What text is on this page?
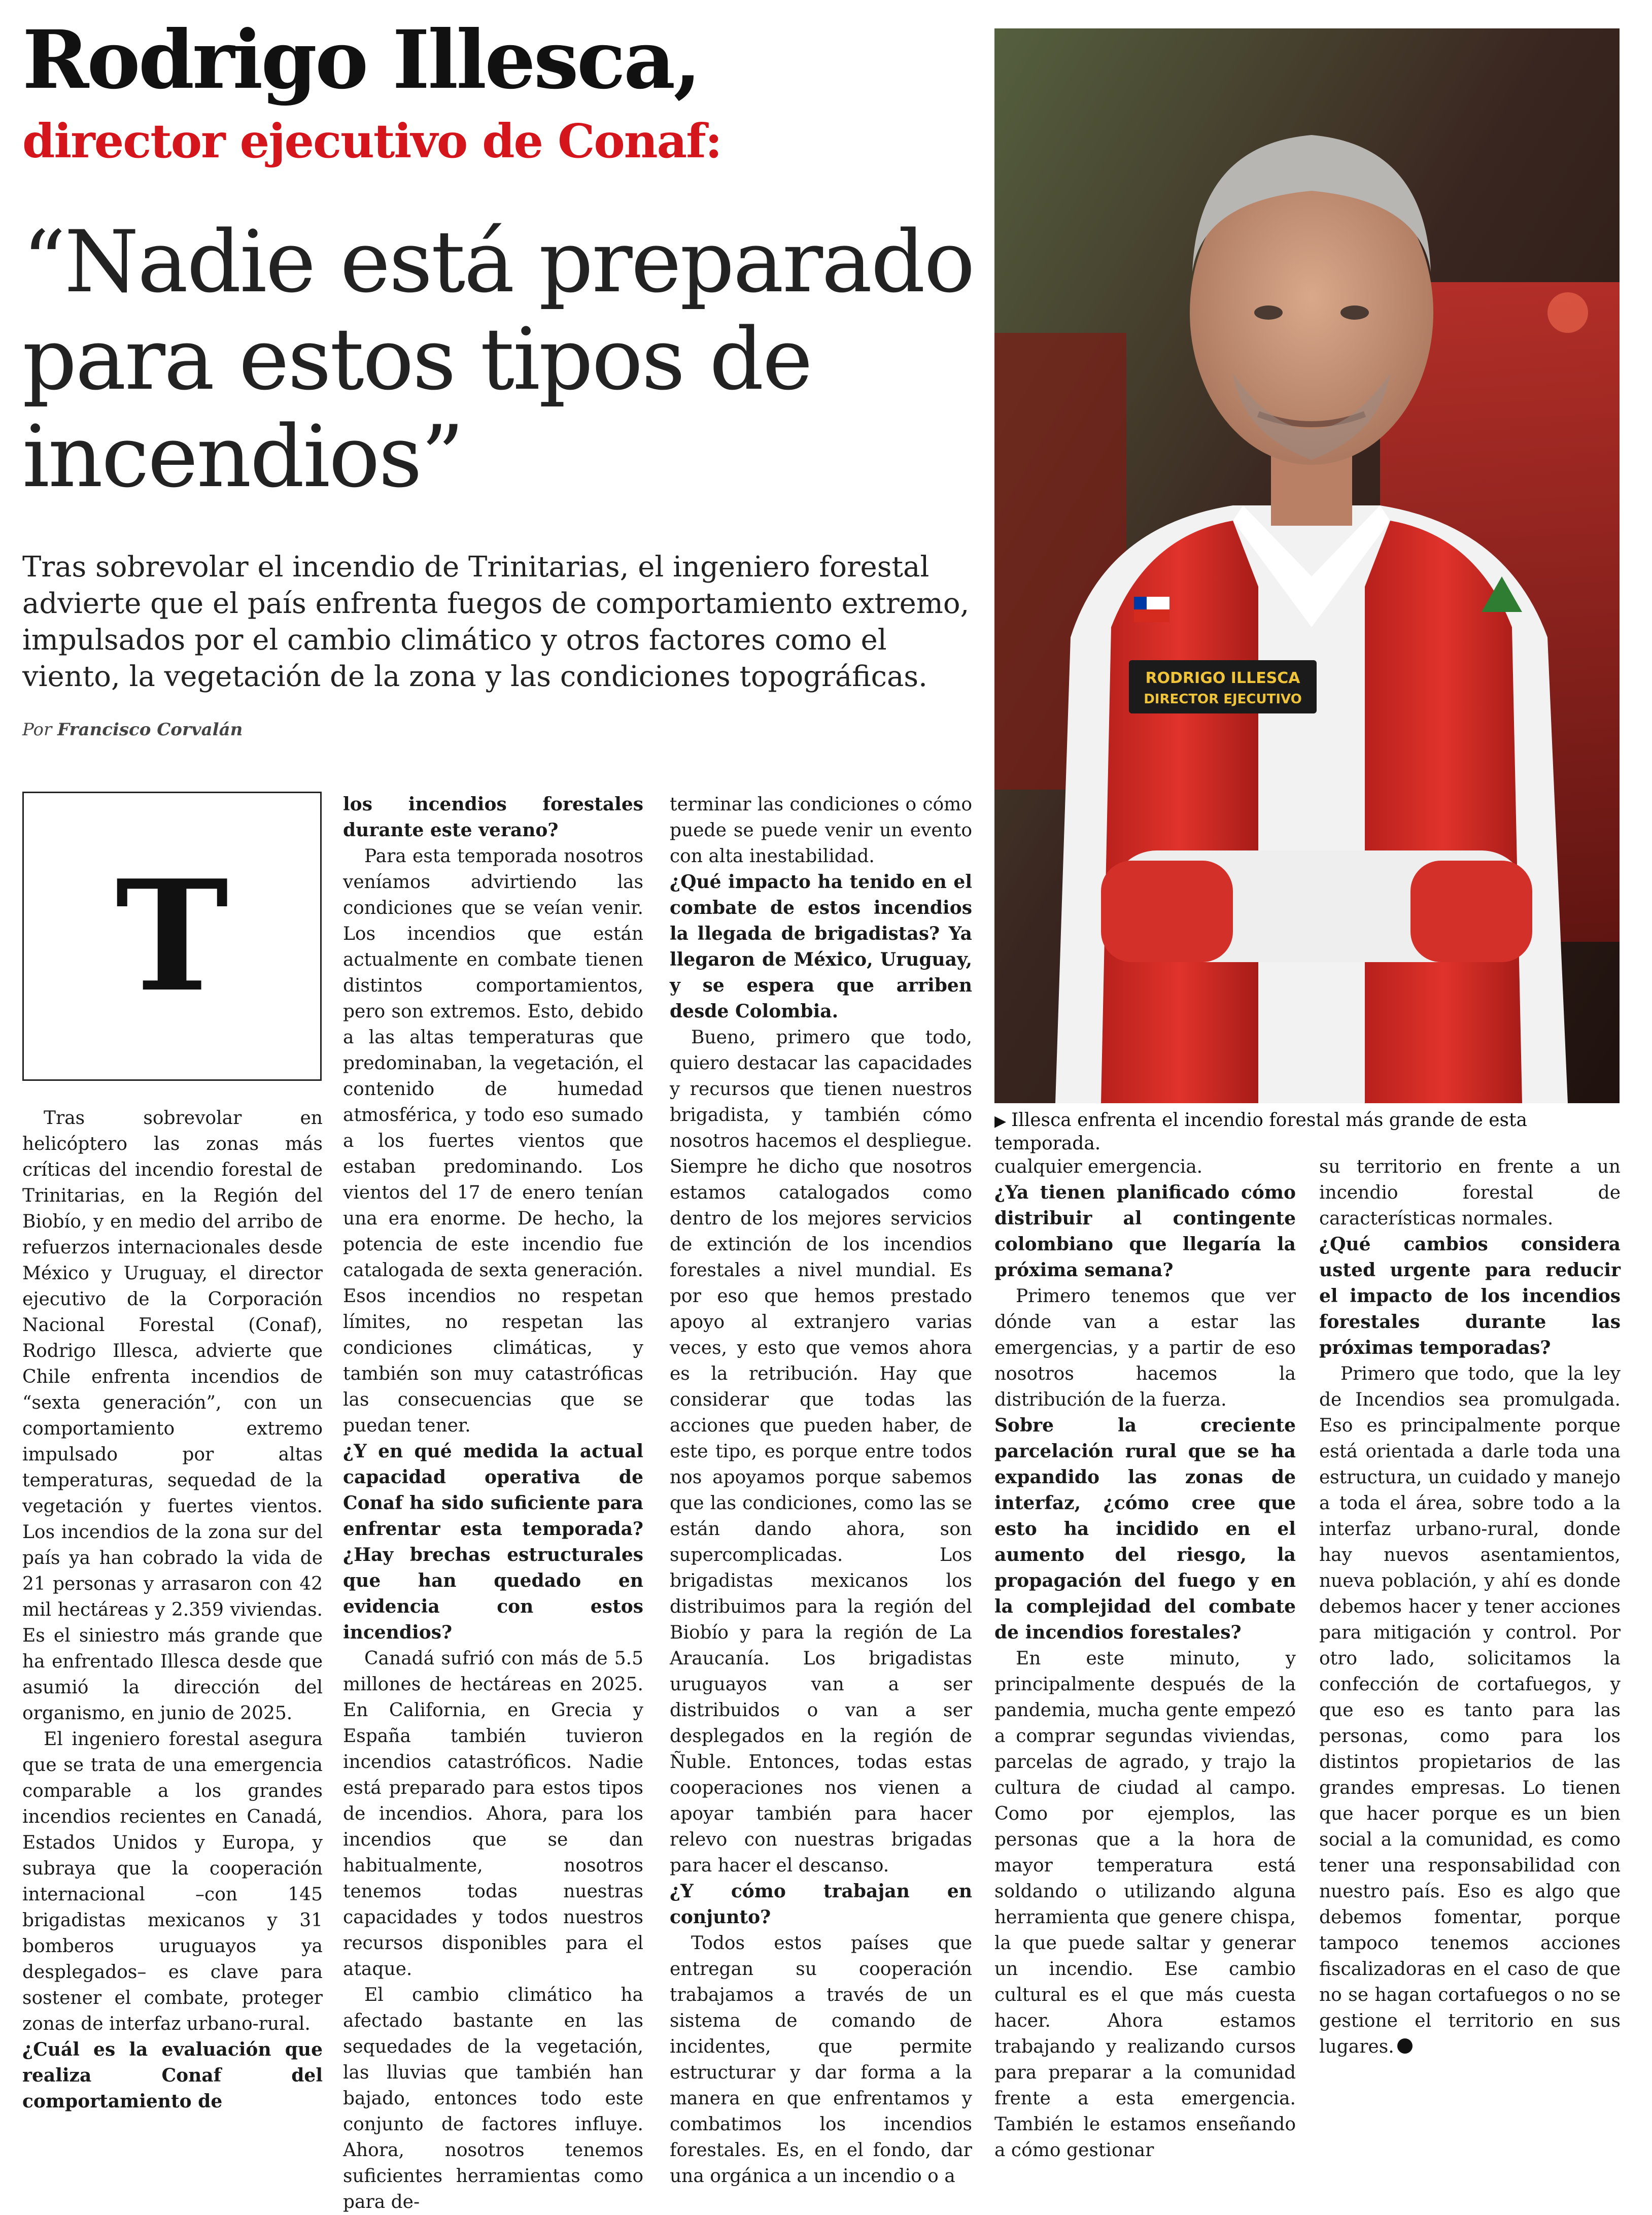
Rodrigo Illesca,
director ejecutivo de Conaf:
“Nadie está preparado para estos tipos de incendios”

Tras sobrevolar el incendio de Trinitarias, el ingeniero forestal advierte que el país enfrenta fuegos de comportamiento extremo, impulsados por el cambio climático y otros factores como el viento, la vegetación de la zona y las condiciones topográficas.

Por Francisco Corvalán

RODRIGO ILLESCA
DIRECTOR EJECUTIVO

▶ Illesca enfrenta el incendio forestal más grande de esta temporada.

T

Tras sobrevolar en helicóptero las zonas más críticas del incendio forestal de Trinitarias, en la Región del Biobío, y en medio del arribo de refuerzos internacionales desde México y Uruguay, el director ejecutivo de la Corporación Nacional Forestal (Conaf), Rodrigo Illesca, advierte que Chile enfrenta incendios de “sexta generación”, con un comportamiento extremo impulsado por altas temperaturas, sequedad de la vegetación y fuertes vientos. Los incendios de la zona sur del país ya han cobrado la vida de 21 personas y arrasaron con 42 mil hectáreas y 2.359 viviendas. Es el siniestro más grande que ha enfrentado Illesca desde que asumió la dirección del organismo, en junio de 2025.

El ingeniero forestal asegura que se trata de una emergencia comparable a los grandes incendios recientes en Canadá, Estados Unidos y Europa, y subraya que la cooperación internacional –con 145 brigadistas mexicanos y 31 bomberos uruguayos ya desplegados– es clave para sostener el combate, proteger zonas de interfaz urbano-rural.

¿Cuál es la evaluación que realiza Conaf del comportamiento de

los incendios forestales durante este verano?

Para esta temporada nosotros veníamos advirtiendo las condiciones que se veían venir. Los incendios que están actualmente en combate tienen distintos comportamientos, pero son extremos. Esto, debido a las altas temperaturas que predominaban, la vegetación, el contenido de humedad atmosférica, y todo eso sumado a los fuertes vientos que estaban predominando. Los vientos del 17 de enero tenían una era enorme. De hecho, la potencia de este incendio fue catalogada de sexta generación. Esos incendios no respetan límites, no respetan las condiciones climáticas, y también son muy catastróficas las consecuencias que se puedan tener.

¿Y en qué medida la actual capacidad operativa de Conaf ha sido suficiente para enfrentar esta temporada? ¿Hay brechas estructurales que han quedado en evidencia con estos incendios?

Canadá sufrió con más de 5.5 millones de hectáreas en 2025. En California, en Grecia y España también tuvieron incendios catastróficos. Nadie está preparado para estos tipos de incendios. Ahora, para los incendios que se dan habitualmente, nosotros tenemos todas nuestras capacidades y todos nuestros recursos disponibles para el ataque.

El cambio climático ha afectado bastante en las sequedades de la vegetación, las lluvias que también han bajado, entonces todo este conjunto de factores influye. Ahora, nosotros tenemos suficientes herramientas como para de-

terminar las condiciones o cómo puede se puede venir un evento con alta inestabilidad.

¿Qué impacto ha tenido en el combate de estos incendios la llegada de brigadistas? Ya llegaron de México, Uruguay, y se espera que arriben desde Colombia.

Bueno, primero que todo, quiero destacar las capacidades y recursos que tienen nuestros brigadista, y también cómo nosotros hacemos el despliegue. Siempre he dicho que nosotros estamos catalogados como dentro de los mejores servicios de extinción de los incendios forestales a nivel mundial. Es por eso que hemos prestado apoyo al extranjero varias veces, y esto que vemos ahora es la retribución. Hay que considerar que todas las acciones que pueden haber, de este tipo, es porque entre todos nos apoyamos porque sabemos que las condiciones, como las se están dando ahora, son supercomplicadas. Los brigadistas mexicanos los distribuimos para la región del Biobío y para la región de La Araucanía. Los brigadistas uruguayos van a ser distribuidos o van a ser desplegados en la región de Ñuble. Entonces, todas estas cooperaciones nos vienen a apoyar también para hacer relevo con nuestras brigadas para hacer el descanso.

¿Y cómo trabajan en conjunto?

Todos estos países que entregan su cooperación trabajamos a través de un sistema de comando de incidentes, que permite estructurar y dar forma a la manera en que enfrentamos y combatimos los incendios forestales. Es, en el fondo, dar una orgánica a un incendio o a

cualquier emergencia.

¿Ya tienen planificado cómo distribuir al contingente colombiano que llegaría la próxima semana?

Primero tenemos que ver dónde van a estar las emergencias, y a partir de eso nosotros hacemos la distribución de la fuerza.

Sobre la creciente parcelación rural que se ha expandido las zonas de interfaz, ¿cómo cree que esto ha incidido en el aumento del riesgo, la propagación del fuego y en la complejidad del combate de incendios forestales?

En este minuto, y principalmente después de la pandemia, mucha gente empezó a comprar segundas viviendas, parcelas de agrado, y trajo la cultura de ciudad al campo. Como por ejemplos, las personas que a la hora de mayor temperatura está soldando o utilizando alguna herramienta que genere chispa, la que puede saltar y generar un incendio. Ese cambio cultural es el que más cuesta hacer. Ahora estamos trabajando y realizando cursos para preparar a la comunidad frente a esta emergencia. También le estamos enseñando a cómo gestionar

su territorio en frente a un incendio forestal de características normales.

¿Qué cambios considera usted urgente para reducir el impacto de los incendios forestales durante las próximas temporadas?

Primero que todo, que la ley de Incendios sea promulgada. Eso es principalmente porque está orientada a darle toda una estructura, un cuidado y manejo a toda el área, sobre todo a la interfaz urbano-rural, donde hay nuevos asentamientos, nueva población, y ahí es donde debemos hacer y tener acciones para mitigación y control. Por otro lado, solicitamos la confección de cortafuegos, y que eso es tanto para las personas, como para los distintos propietarios de las grandes empresas. Lo tienen que hacer porque es un bien social a la comunidad, es como tener una responsabilidad con nuestro país. Eso es algo que debemos fomentar, porque tampoco tenemos acciones fiscalizadoras en el caso de que no se hagan cortafuegos o no se gestione el territorio en sus lugares.
